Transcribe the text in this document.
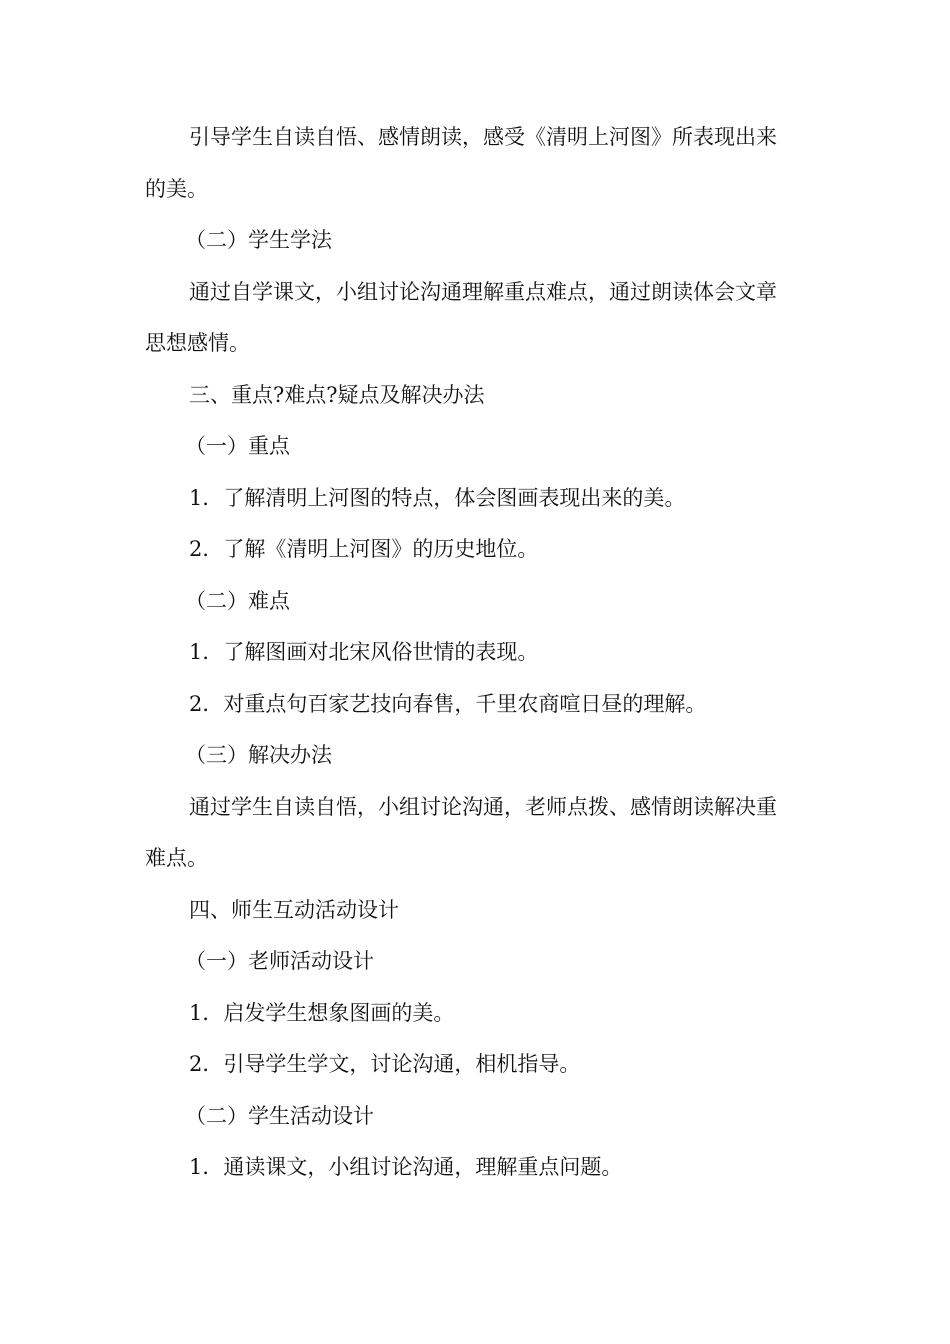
引导学生自读自悟、感情朗读，感受《清明上河图》所表现出来的美。

（二）学生学法

通过自学课文，小组讨论沟通理解重点难点，通过朗读体会文章思想感情。

三、重点?难点?疑点及解决办法

（一）重点

1．了解清明上河图的特点，体会图画表现出来的美。

2．了解《清明上河图》的历史地位。

（二）难点

1．了解图画对北宋风俗世情的表现。

2．对重点句百家艺技向春售，千里农商喧日昼的理解。

（三）解决办法

通过学生自读自悟，小组讨论沟通，老师点拨、感情朗读解决重难点。

四、师生互动活动设计

（一）老师活动设计

1．启发学生想象图画的美。

2．引导学生学文，讨论沟通，相机指导。

（二）学生活动设计

1．通读课文，小组讨论沟通，理解重点问题。
